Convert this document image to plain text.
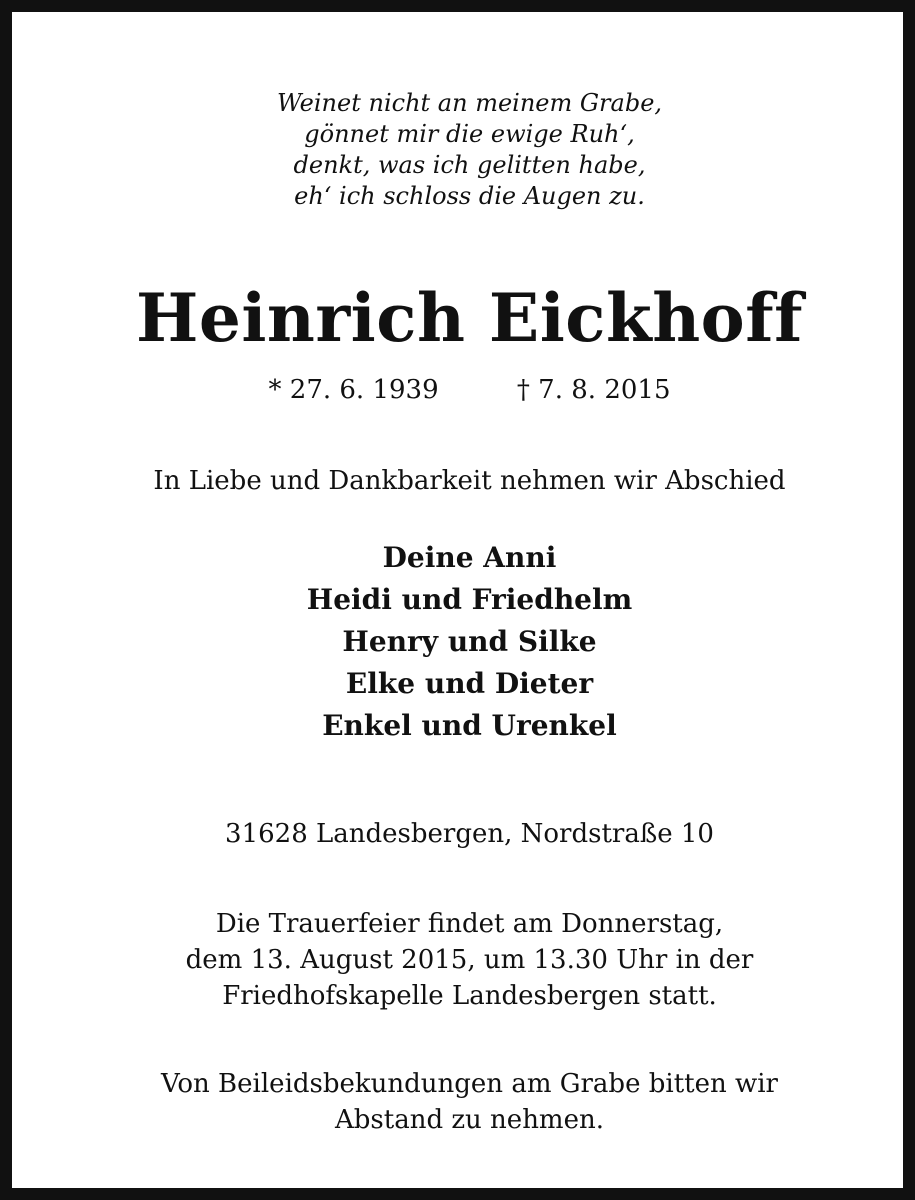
Weinet nicht an meinem Grabe,
gönnet mir die ewige Ruh‘,
denkt, was ich gelitten habe,
eh‘ ich schloss die Augen zu.
Heinrich Eickhoff
* 27. 6. 1939	† 7. 8. 2015
In Liebe und Dankbarkeit nehmen wir Abschied
Deine Anni
Heidi und Friedhelm
Henry und Silke
Elke und Dieter
Enkel und Urenkel
31628 Landesbergen, Nordstraße 10
Die Trauerfeier findet am Donnerstag,
dem 13. August 2015, um 13.30 Uhr in der
Friedhofskapelle Landesbergen statt.
Von Beileidsbekundungen am Grabe bitten wir
Abstand zu nehmen.
